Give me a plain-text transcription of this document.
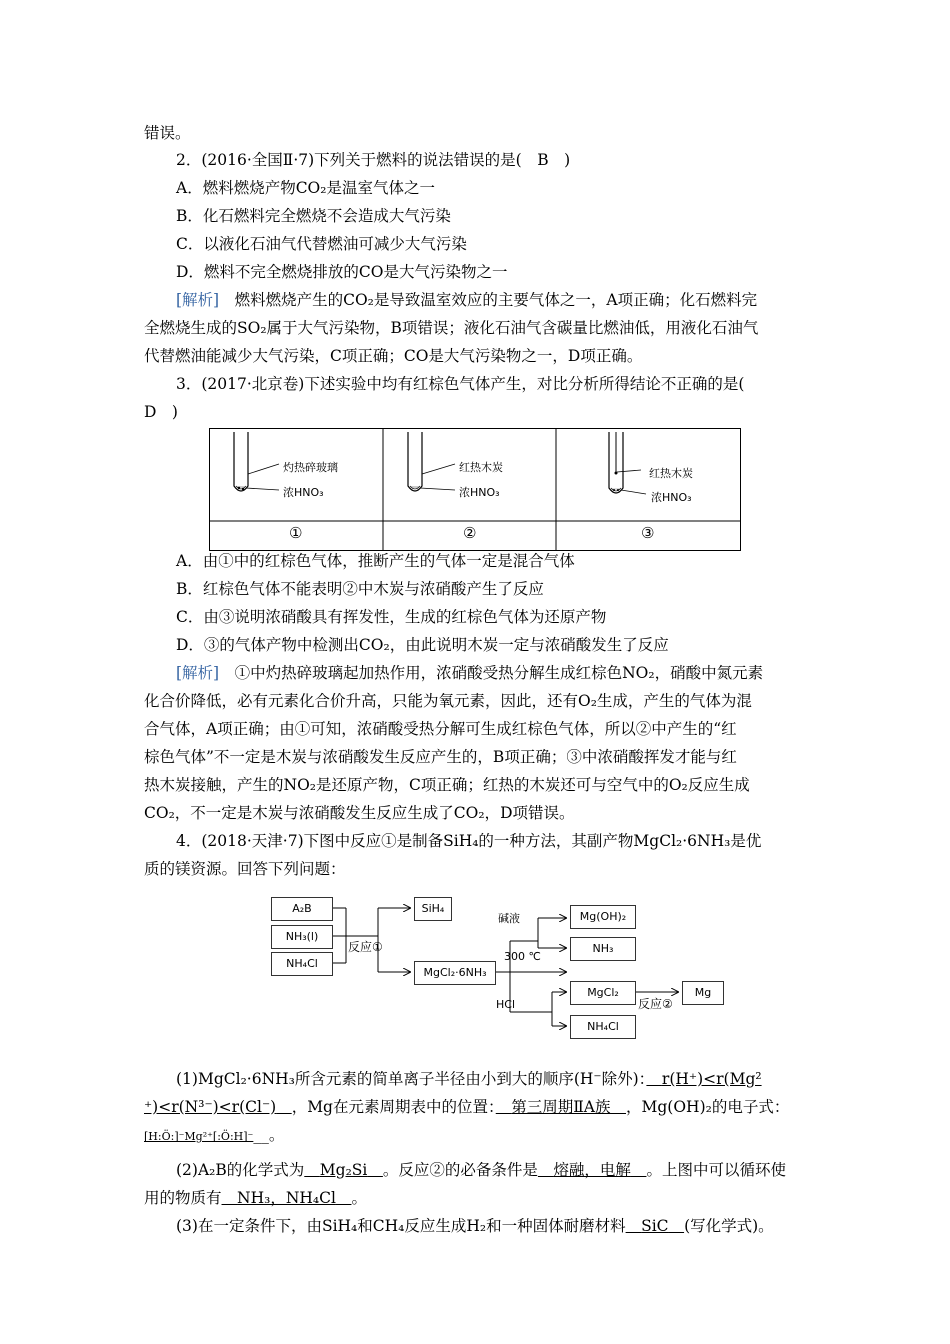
错误。
2．(2016·全国Ⅱ·7)下列关于燃料的说法错误的是(　B　)
A．燃料燃烧产物CO₂是温室气体之一
B．化石燃料完全燃烧不会造成大气污染
C．以液化石油气代替燃油可减少大气污染
D．燃料不完全燃烧排放的CO是大气污染物之一
[解析]　燃料燃烧产生的CO₂是导致温室效应的主要气体之一，A项正确；化石燃料完
全燃烧生成的SO₂属于大气污染物，B项错误；液化石油气含碳量比燃油低，用液化石油气
代替燃油能减少大气污染，C项正确；CO是大气污染物之一，D项正确。
3．(2017·北京卷)下述实验中均有红棕色气体产生，对比分析所得结论不正确的是(
D　)
灼热碎玻璃
浓HNO₃
红热木炭
浓HNO₃
红热木炭
浓HNO₃
①	②	③
A．由①中的红棕色气体，推断产生的气体一定是混合气体
B．红棕色气体不能表明②中木炭与浓硝酸产生了反应
C．由③说明浓硝酸具有挥发性，生成的红棕色气体为还原产物
D．③的气体产物中检测出CO₂，由此说明木炭一定与浓硝酸发生了反应
[解析]　①中灼热碎玻璃起加热作用，浓硝酸受热分解生成红棕色NO₂，硝酸中氮元素
化合价降低，必有元素化合价升高，只能为氧元素，因此，还有O₂生成，产生的气体为混
合气体，A项正确；由①可知，浓硝酸受热分解可生成红棕色气体，所以②中产生的“红
棕色气体”不一定是木炭与浓硝酸发生反应产生的，B项正确；③中浓硝酸挥发才能与红
热木炭接触，产生的NO₂是还原产物，C项正确；红热的木炭还可与空气中的O₂反应生成
CO₂，不一定是木炭与浓硝酸发生反应生成了CO₂，D项错误。
4．(2018·天津·7)下图中反应①是制备SiH₄的一种方法，其副产物MgCl₂·6NH₃是优
质的镁资源。回答下列问题：
A₂B
NH₃(l)
NH₄Cl
反应①
SiH₄
MgCl₂·6NH₃
碱液
300 ℃
HCl
Mg(OH)₂
NH₃
MgCl₂
NH₄Cl
反应②
Mg
(1)MgCl₂·6NH₃所含元素的简单离子半径由小到大的顺序(H⁻除外)：　 r(H⁺)<r(Mg²
⁺)<r(N³⁻)<r(Cl⁻)　 ，Mg在元素周期表中的位置：　 第三周期ⅡA族　 ，Mg(OH)₂的电子式：
[H:Ö:]⁻Mg²⁺[:Ö:H]⁻__。
(2)A₂B的化学式为　 Mg₂Si　 。反应②的必备条件是　 熔融，电解　 。上图中可以循环使
用的物质有　 NH₃，NH₄Cl　 。
(3)在一定条件下，由SiH₄和CH₄反应生成H₂和一种固体耐磨材料　 SiC　 (写化学式)。
